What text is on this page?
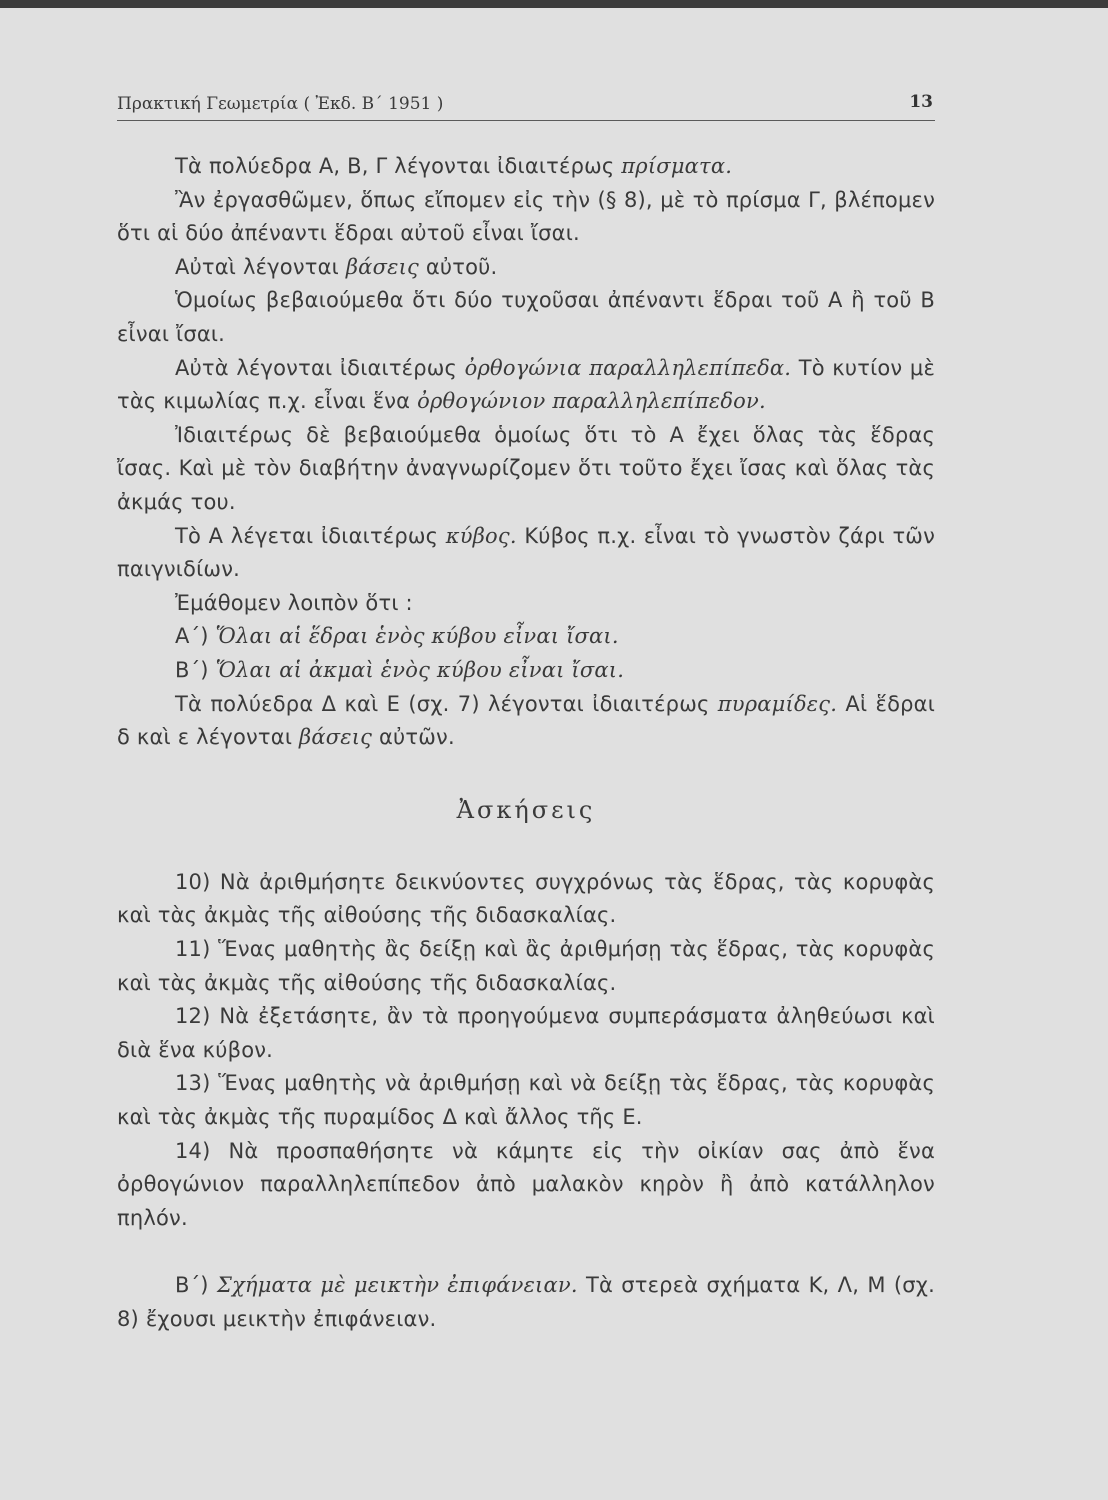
Πρακτική Γεωμετρία ( Ἐκδ. Β΄ 1951 )	13

Τὰ πολύεδρα Α, Β, Γ λέγονται ἰδιαιτέρως πρίσματα.

Ἂν ἐργασθῶμεν, ὅπως εἴπομεν εἰς τὴν (§ 8), μὲ τὸ πρίσμα Γ, βλέπομεν ὅτι αἱ δύο ἀπέναντι ἕδραι αὐτοῦ εἶναι ἴσαι.

Αὐταὶ λέγονται βάσεις αὐτοῦ.

Ὁμοίως βεβαιούμεθα ὅτι δύο τυχοῦσαι ἀπέναντι ἕδραι τοῦ Α ἢ τοῦ Β εἶναι ἴσαι.

Αὐτὰ λέγονται ἰδιαιτέρως ὀρθογώνια παραλληλεπίπεδα. Τὸ κυτίον μὲ τὰς κιμωλίας π.χ. εἶναι ἕνα ὀρθογώνιον παραλληλεπίπεδον.

Ἰδιαιτέρως δὲ βεβαιούμεθα ὁμοίως ὅτι τὸ Α ἔχει ὅλας τὰς ἕδρας ἴσας. Καὶ μὲ τὸν διαβήτην ἀναγνωρίζομεν ὅτι τοῦτο ἔχει ἴσας καὶ ὅλας τὰς ἀκμάς του.

Τὸ Α λέγεται ἰδιαιτέρως κύβος. Κύβος π.χ. εἶναι τὸ γνωστὸν ζάρι τῶν παιγνιδίων.

Ἐμάθομεν λοιπὸν ὅτι :

Α΄) Ὅλαι αἱ ἕδραι ἑνὸς κύβου εἶναι ἴσαι.

Β΄) Ὅλαι αἱ ἀκμαὶ ἑνὸς κύβου εἶναι ἴσαι.

Τὰ πολύεδρα Δ καὶ Ε (σχ. 7) λέγονται ἰδιαιτέρως πυραμίδες. Αἱ ἕδραι δ καὶ ε λέγονται βάσεις αὐτῶν.

Ἀσκήσεις

10) Νὰ ἀριθμήσητε δεικνύοντες συγχρόνως τὰς ἕδρας, τὰς κορυφὰς καὶ τὰς ἀκμὰς τῆς αἰθούσης τῆς διδασκαλίας.

11) Ἕνας μαθητὴς ἂς δείξῃ καὶ ἂς ἀριθμήσῃ τὰς ἕδρας, τὰς κορυφὰς καὶ τὰς ἀκμὰς τῆς αἰθούσης τῆς διδασκαλίας.

12) Νὰ ἐξετάσητε, ἂν τὰ προηγούμενα συμπεράσματα ἀληθεύωσι καὶ διὰ ἕνα κύβον.

13) Ἕνας μαθητὴς νὰ ἀριθμήσῃ καὶ νὰ δείξῃ τὰς ἕδρας, τὰς κορυφὰς καὶ τὰς ἀκμὰς τῆς πυραμίδος Δ καὶ ἄλλος τῆς Ε.

14) Νὰ προσπαθήσητε νὰ κάμητε εἰς τὴν οἰκίαν σας ἀπὸ ἕνα ὀρθογώνιον παραλληλεπίπεδον ἀπὸ μαλακὸν κηρὸν ἢ ἀπὸ κατάλληλον πηλόν.

Β΄) Σχήματα μὲ μεικτὴν ἐπιφάνειαν. Τὰ στερεὰ σχήματα Κ, Λ, Μ (σχ. 8) ἔχουσι μεικτὴν ἐπιφάνειαν.
